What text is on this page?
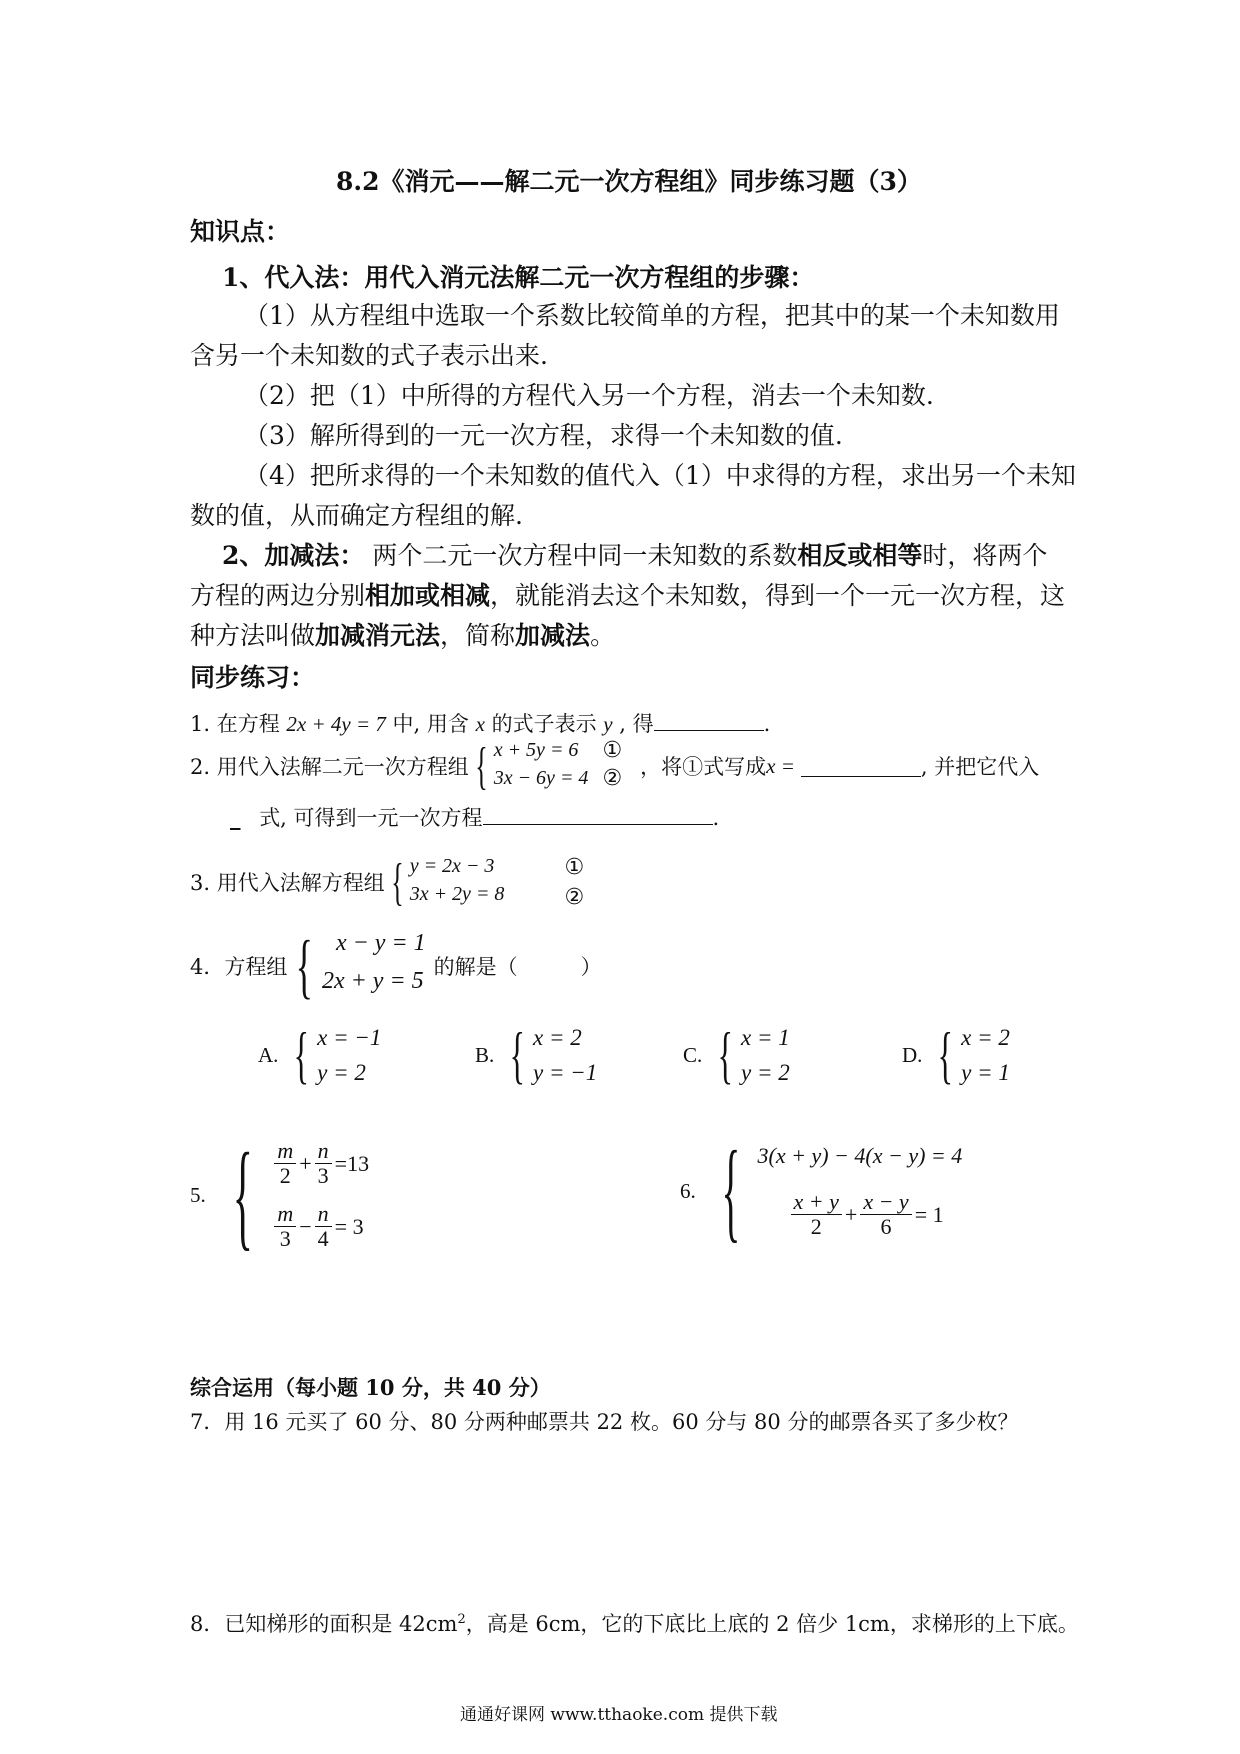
8.2《消元——解二元一次方程组》同步练习题（3）
知识点：
1、代入法：用代入消元法解二元一次方程组的步骤：
（1）从方程组中选取一个系数比较简单的方程，把其中的某一个未知数用
含另一个未知数的式子表示出来.
（2）把（1）中所得的方程代入另一个方程，消去一个未知数.
（3）解所得到的一元一次方程，求得一个未知数的值.
（4）把所求得的一个未知数的值代入（1）中求得的方程，求出另一个未知
数的值，从而确定方程组的解.
2、加减法： 两个二元一次方程中同一未知数的系数相反或相等时，将两个
方程的两边分别相加或相减，就能消去这个未知数，得到一个一元一次方程，这
种方法叫做加减消元法，简称加减法。
同步练习：
1. 在方程 2x + 4y = 7 中, 用含 x 的式子表示 y , 得	.
2. 用代入法解二元一次方程组 { x + 5y = 6
3x − 6y = 4
①
② ，将①式写成 x =	, 并把它代入
_ 式, 可得到一元一次方程	.
3. 用代入法解方程组 { y = 2x − 3
3x + 2y = 8
①
②
4．方程组 { x − y = 1
2x + y = 5
的解是（　　　）
A. { x = −1
y = 2
B. { x = 2
y = −1
C. { x = 1
y = 2
D. { x = 2
y = 1
5. { $\frac{m}{2} + \frac{n}{3} =13$
$\frac{m}{3} - \frac{n}{4} = 3$
6. { 3(x + y) − 4(x − y) = 4
$\frac{x + y}{2} + \frac{x - y}{6} = 1$
综合运用（每小题 10 分，共 40 分）
7．用 16 元买了 60 分、80 分两种邮票共 22 枚。60 分与 80 分的邮票各买了多少枚？
8．已知梯形的面积是 $42cm^2$，高是 6cm，它的下底比上底的 2 倍少 1cm，求梯形的上下底。
通通好课网 www.tthaoke.com 提供下载
